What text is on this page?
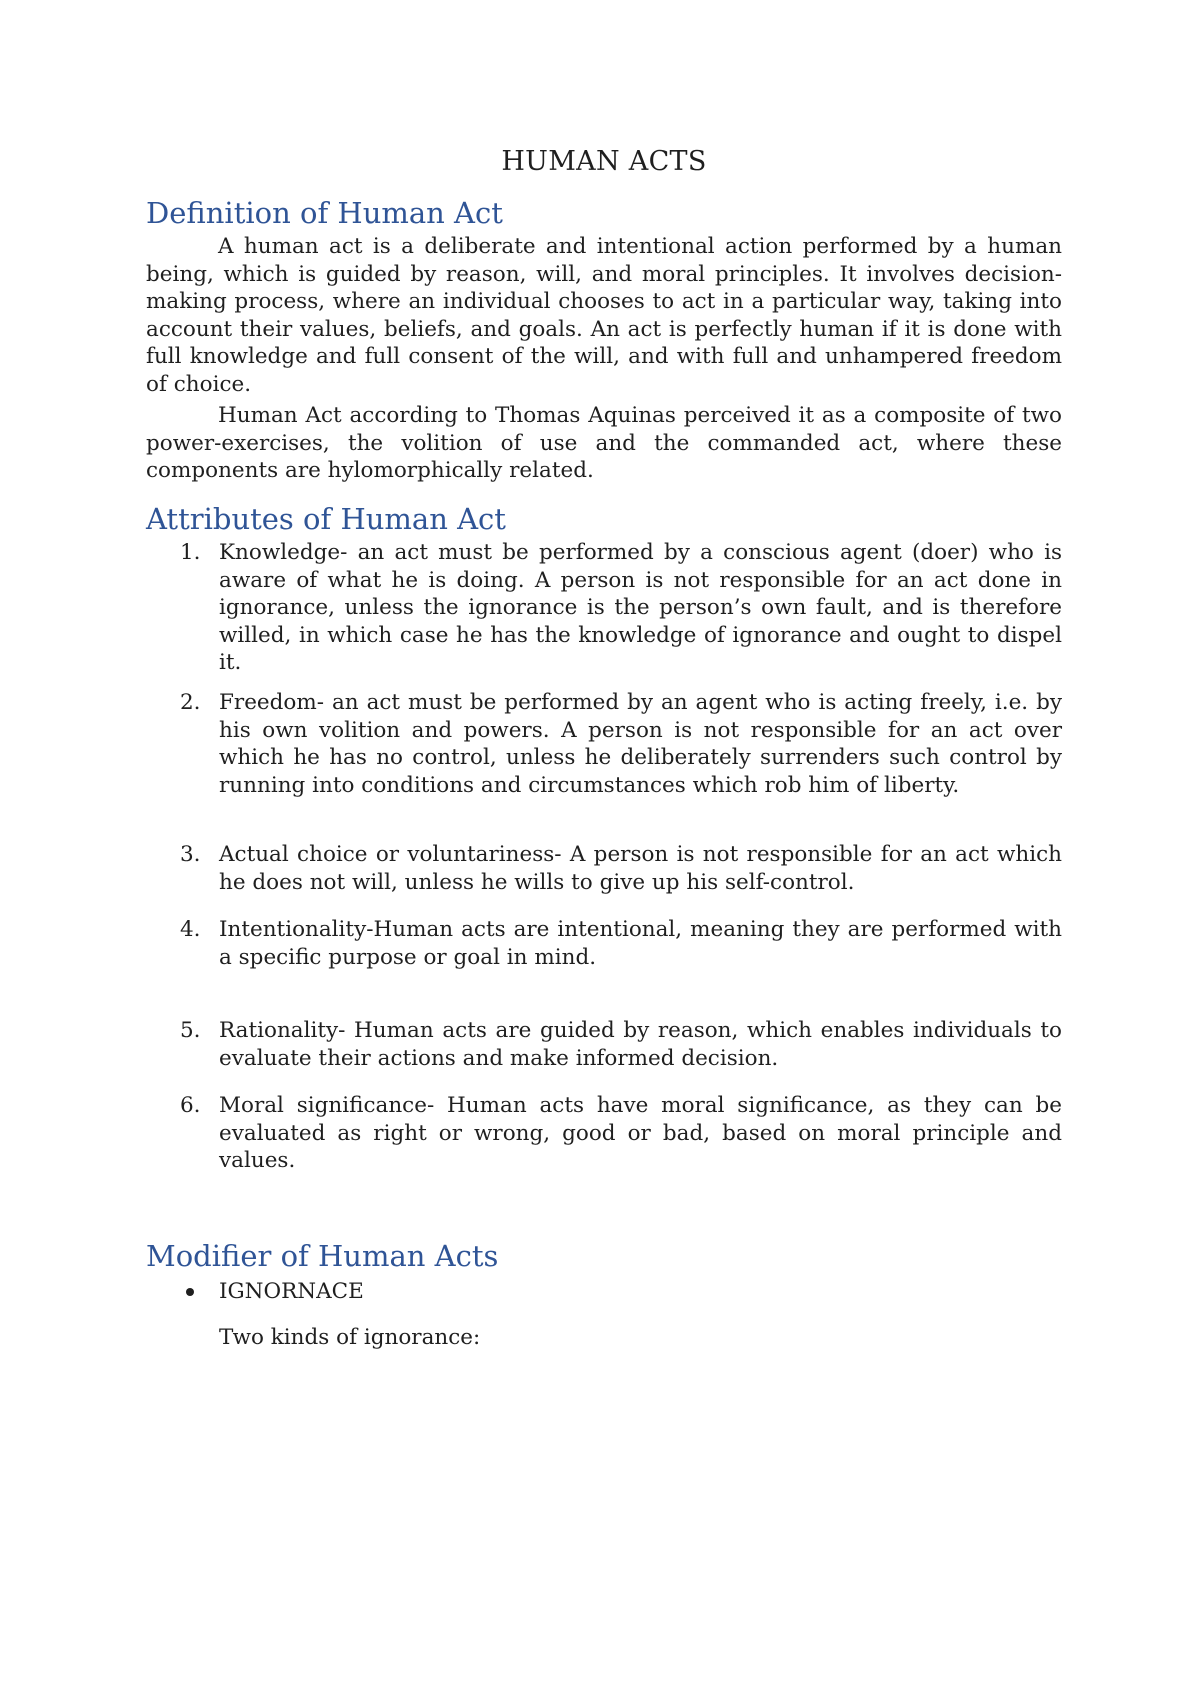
HUMAN ACTS
Definition of Human Act

A human act is a deliberate and intentional action performed by a human being, which is guided by reason, will, and moral principles. It involves decision-making process, where an individual chooses to act in a particular way, taking into account their values, beliefs, and goals. An act is perfectly human if it is done with full knowledge and full consent of the will, and with full and unhampered freedom of choice.

Human Act according to Thomas Aquinas perceived it as a composite of two power-exercises, the volition of use and the commanded act, where these components are hylomorphically related.

Attributes of Human Act
1. Knowledge- an act must be performed by a conscious agent (doer) who is aware of what he is doing. A person is not responsible for an act done in ignorance, unless the ignorance is the person’s own fault, and is therefore willed, in which case he has the knowledge of ignorance and ought to dispel it.
2. Freedom- an act must be performed by an agent who is acting freely, i.e. by his own volition and powers. A person is not responsible for an act over which he has no control, unless he deliberately surrenders such control by running into conditions and circumstances which rob him of liberty.
3. Actual choice or voluntariness- A person is not responsible for an act which he does not will, unless he wills to give up his self-control.
4. Intentionality-Human acts are intentional, meaning they are performed with a specific purpose or goal in mind.
5. Rationality- Human acts are guided by reason, which enables individuals to evaluate their actions and make informed decision.
6. Moral significance- Human acts have moral significance, as they can be evaluated as right or wrong, good or bad, based on moral principle and values.
Modifier of Human Acts
IGNORNACE
Two kinds of ignorance:
